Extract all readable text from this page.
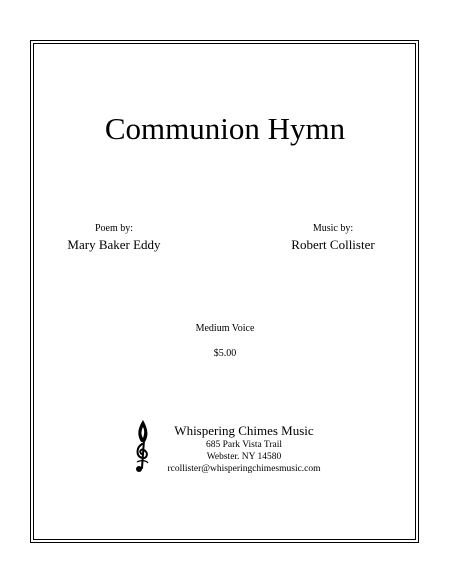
Communion Hymn
Poem by:
Mary Baker Eddy
Music by:
Robert Collister
Medium Voice
$5.00
Whispering Chimes Music
685 Park Vista Trail
Webster. NY 14580
rcollister@whisperingchimesmusic.com
